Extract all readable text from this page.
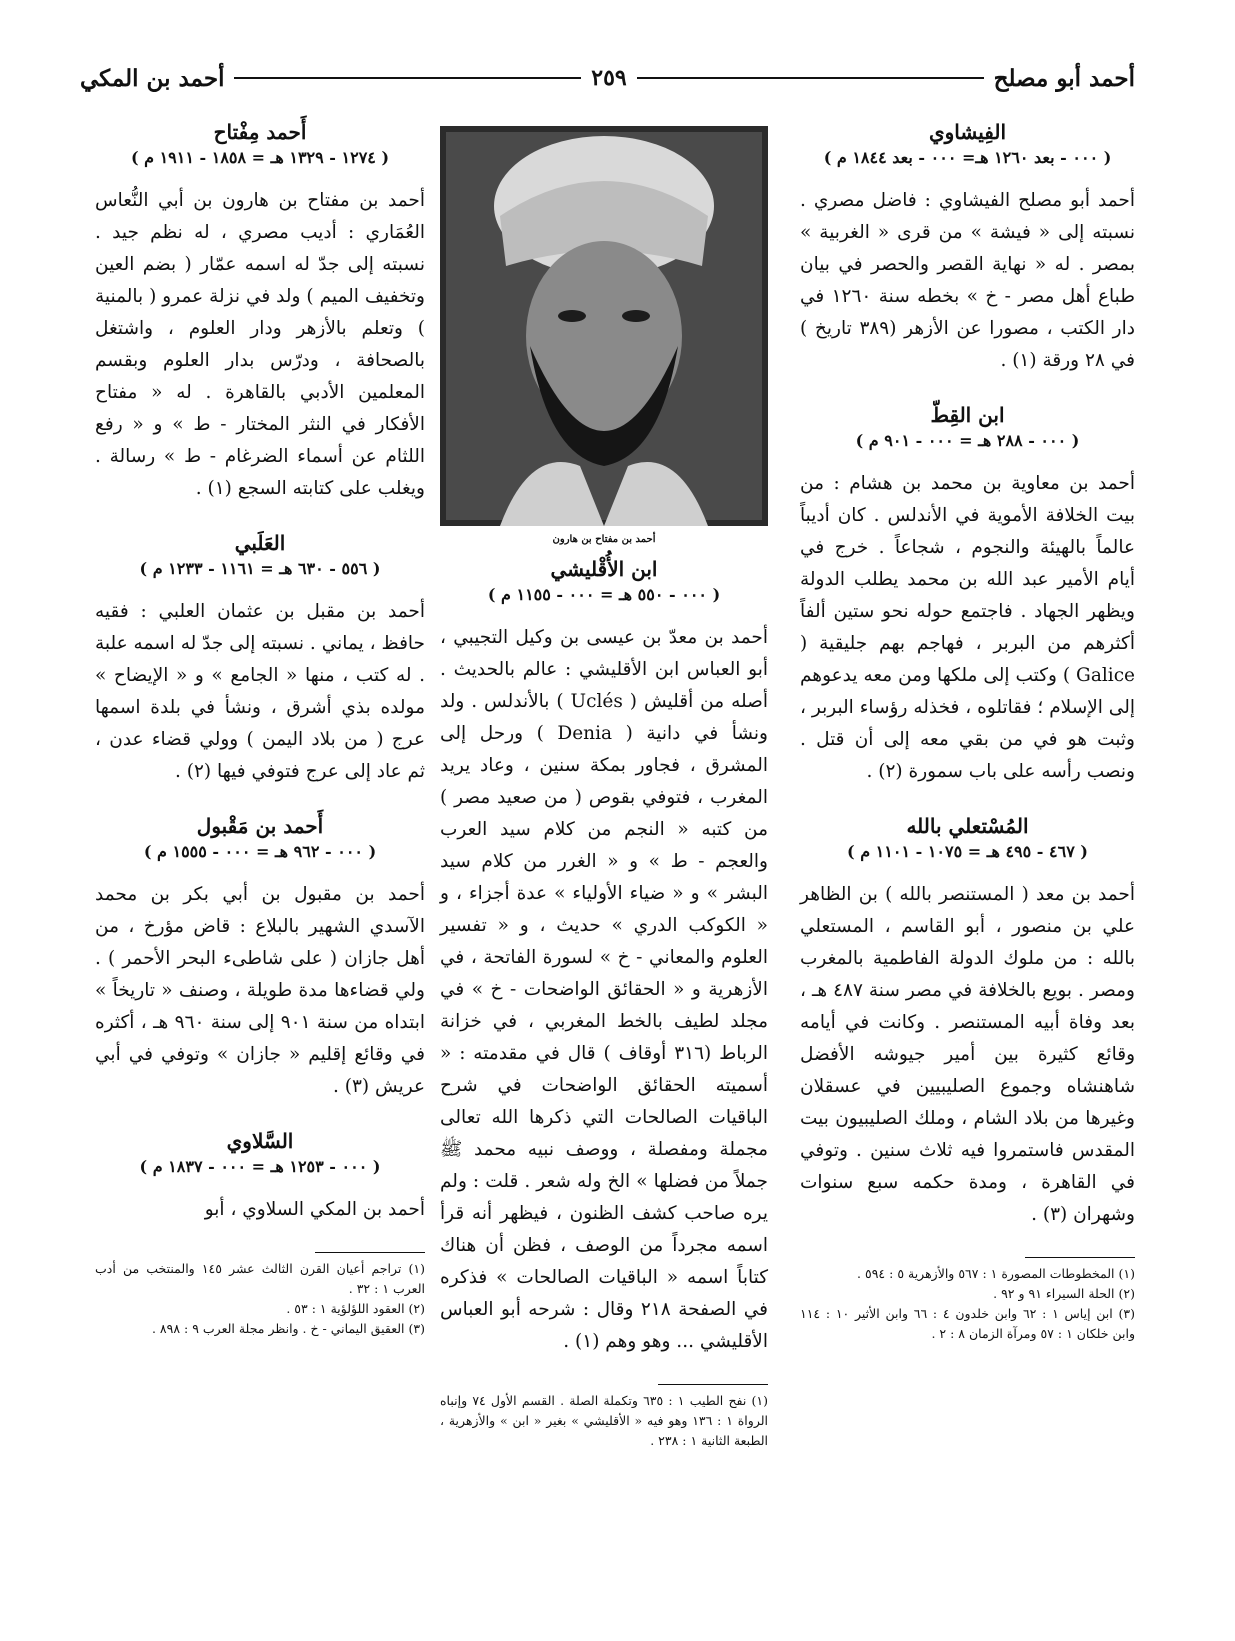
أحمد أبو مصلح
٢٥٩
أحمد بن المكي
الفِيشاوي
( ٠٠٠ - بعد ١٢٦٠ هـ= ٠٠٠ - بعد ١٨٤٤ م )
أحمد أبو مصلح الفيشاوي : فاضل مصري . نسبته إلى « فيشة » من قرى « الغربية » بمصر . له « نهاية القصر والحصر في بيان طباع أهل مصر - خ » بخطه سنة ١٢٦٠ في دار الكتب ، مصورا عن الأزهر (٣٨٩ تاريخ ) في ٢٨ ورقة (١) .
ابن القِطّ
( ٠٠٠ - ٢٨٨ هـ = ٠٠٠ - ٩٠١ م )
أحمد بن معاوية بن محمد بن هشام : من بيت الخلافة الأموية في الأندلس . كان أديباً عالماً بالهيئة والنجوم ، شجاعاً . خرج في أيام الأمير عبد الله بن محمد يطلب الدولة ويظهر الجهاد . فاجتمع حوله نحو ستين ألفاً أكثرهم من البربر ، فهاجم بهم جليقية ( Galice ) وكتب إلى ملكها ومن معه يدعوهم إلى الإسلام ؛ فقاتلوه ، فخذله رؤساء البربر ، وثبت هو في من بقي معه إلى أن قتل . ونصب رأسه على باب سمورة (٢) .
المُسْتعلي بالله
( ٤٦٧ - ٤٩٥ هـ = ١٠٧٥ - ١١٠١ م )
أحمد بن معد ( المستنصر بالله ) بن الظاهر علي بن منصور ، أبو القاسم ، المستعلي بالله : من ملوك الدولة الفاطمية بالمغرب ومصر . بويع بالخلافة في مصر سنة ٤٨٧ هـ ، بعد وفاة أبيه المستنصر . وكانت في أيامه وقائع كثيرة بين أمير جيوشه الأفضل شاهنشاه وجموع الصليبيين في عسقلان وغيرها من بلاد الشام ، وملك الصليبيون بيت المقدس فاستمروا فيه ثلاث سنين . وتوفي في القاهرة ، ومدة حكمه سبع سنوات وشهران (٣) .
(١) المخطوطات المصورة ١ : ٥٦٧ والأزهرية ٥ : ٥٩٤ .
(٢) الحلة السيراء ٩١ و ٩٢ .
(٣) ابن إياس ١ : ٦٢ وابن خلدون ٤ : ٦٦ وابن الأثير ١٠ : ١١٤ وابن خلكان ١ : ٥٧ ومرآة الزمان ٨ : ٢ .
أحمد بن مفتاح بن هارون
ابن الأُقْليشي
( ٠٠٠ - ٥٥٠ هـ = ٠٠٠ - ١١٥٥ م )
أحمد بن معدّ بن عيسى بن وكيل التجيبي ، أبو العباس ابن الأقليشي : عالم بالحديث . أصله من أقليش ( Uclés ) بالأندلس . ولد ونشأ في دانية ( Denia ) ورحل إلى المشرق ، فجاور بمكة سنين ، وعاد يريد المغرب ، فتوفي بقوص ( من صعيد مصر ) من كتبه « النجم من كلام سيد العرب والعجم - ط » و « الغرر من كلام سيد البشر » و « ضياء الأولياء » عدة أجزاء ، و « الكوكب الدري » حديث ، و « تفسير العلوم والمعاني - خ » لسورة الفاتحة ، في الأزهرية و « الحقائق الواضحات - خ » في مجلد لطيف بالخط المغربي ، في خزانة الرباط (٣١٦ أوقاف ) قال في مقدمته : « أسميته الحقائق الواضحات في شرح الباقيات الصالحات التي ذكرها الله تعالى مجملة ومفصلة ، ووصف نبيه محمد ﷺ جملاً من فضلها » الخ وله شعر . قلت : ولم يره صاحب كشف الظنون ، فيظهر أنه قرأ اسمه مجرداً من الوصف ، فظن أن هناك كتاباً اسمه « الباقيات الصالحات » فذكره في الصفحة ٢١٨ وقال : شرحه أبو العباس الأقليشي ... وهو وهم (١) .
(١) نفح الطيب ١ : ٦٣٥ وتكملة الصلة . القسم الأول ٧٤ وإنباه الرواة ١ : ١٣٦ وهو فيه « الأقليشي » بغير « ابن » والأزهرية ، الطبعة الثانية ١ : ٢٣٨ .
أَحمد مِفْتاح
( ١٢٧٤ - ١٣٢٩ هـ = ١٨٥٨ - ١٩١١ م )
أحمد بن مفتاح بن هارون بن أبي النُّعاس العُمَاري : أديب مصري ، له نظم جيد . نسبته إلى جدّ له اسمه عمّار ( بضم العين وتخفيف الميم ) ولد في نزلة عمرو ( بالمنية ) وتعلم بالأزهر ودار العلوم ، واشتغل بالصحافة ، ودرّس بدار العلوم وبقسم المعلمين الأدبي بالقاهرة . له « مفتاح الأفكار في النثر المختار - ط » و « رفع اللثام عن أسماء الضرغام - ط » رسالة . ويغلب على كتابته السجع (١) .
العَلَبي
( ٥٥٦ - ٦٣٠ هـ = ١١٦١ - ١٢٣٣ م )
أحمد بن مقبل بن عثمان العلبي : فقيه حافظ ، يماني . نسبته إلى جدّ له اسمه علبة . له كتب ، منها « الجامع » و « الإيضاح » مولده بذي أشرق ، ونشأ في بلدة اسمها عرج ( من بلاد اليمن ) وولي قضاء عدن ، ثم عاد إلى عرج فتوفي فيها (٢) .
أَحمد بن مَقْبول
( ٠٠٠ - ٩٦٢ هـ = ٠٠٠ - ١٥٥٥ م )
أحمد بن مقبول بن أبي بكر بن محمد الآسدي الشهير بالبلاع : قاض مؤرخ ، من أهل جازان ( على شاطىء البحر الأحمر ) . ولي قضاءها مدة طويلة ، وصنف « تاريخاً » ابتداه من سنة ٩٠١ إلى سنة ٩٦٠ هـ ، أكثره في وقائع إقليم « جازان » وتوفي في أبي عريش (٣) .
السَّلاوي
( ٠٠٠ - ١٢٥٣ هـ = ٠٠٠ - ١٨٣٧ م )
أحمد بن المكي السلاوي ، أبو
(١) تراجم أعيان القرن الثالث عشر ١٤٥ والمنتخب من أدب العرب ١ : ٣٢ .
(٢) العقود اللؤلؤية ١ : ٥٣ .
(٣) العقيق اليماني - خ . وانظر مجلة العرب ٩ : ٨٩٨ .
